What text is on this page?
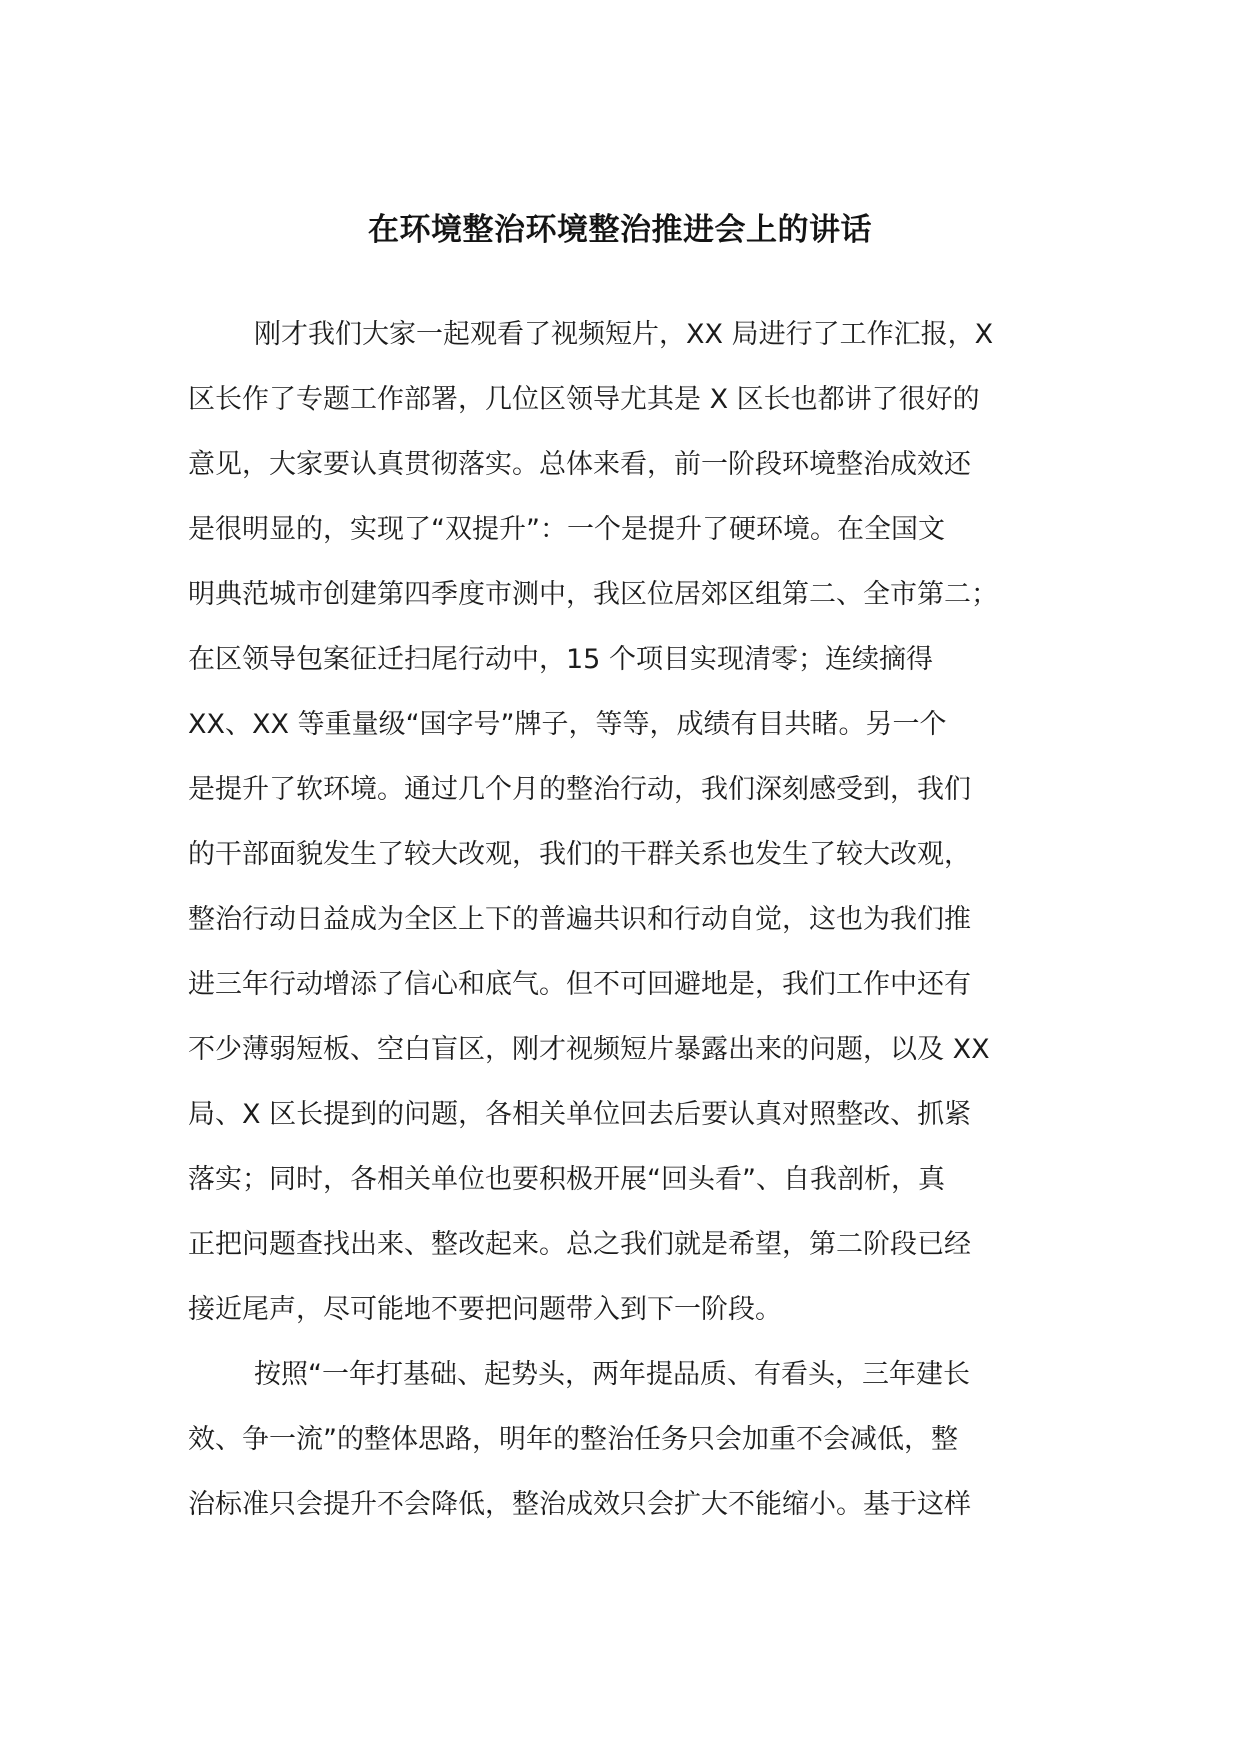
在环境整治环境整治推进会上的讲话
刚才我们大家一起观看了视频短片，XX 局进行了工作汇报，X
区长作了专题工作部署，几位区领导尤其是 X 区长也都讲了很好的
意见，大家要认真贯彻落实。总体来看，前一阶段环境整治成效还
是很明显的，实现了“双提升”：一个是提升了硬环境。在全国文
明典范城市创建第四季度市测中，我区位居郊区组第二、全市第二；
在区领导包案征迁扫尾行动中，15 个项目实现清零；连续摘得
XX、XX 等重量级“国字号”牌子，等等，成绩有目共睹。另一个
是提升了软环境。通过几个月的整治行动，我们深刻感受到，我们
的干部面貌发生了较大改观，我们的干群关系也发生了较大改观，
整治行动日益成为全区上下的普遍共识和行动自觉，这也为我们推
进三年行动增添了信心和底气。但不可回避地是，我们工作中还有
不少薄弱短板、空白盲区，刚才视频短片暴露出来的问题，以及 XX
局、X 区长提到的问题，各相关单位回去后要认真对照整改、抓紧
落实；同时，各相关单位也要积极开展“回头看”、自我剖析，真
正把问题查找出来、整改起来。总之我们就是希望，第二阶段已经
接近尾声，尽可能地不要把问题带入到下一阶段。
按照“一年打基础、起势头，两年提品质、有看头，三年建长
效、争一流”的整体思路，明年的整治任务只会加重不会减低，整
治标准只会提升不会降低，整治成效只会扩大不能缩小。基于这样
